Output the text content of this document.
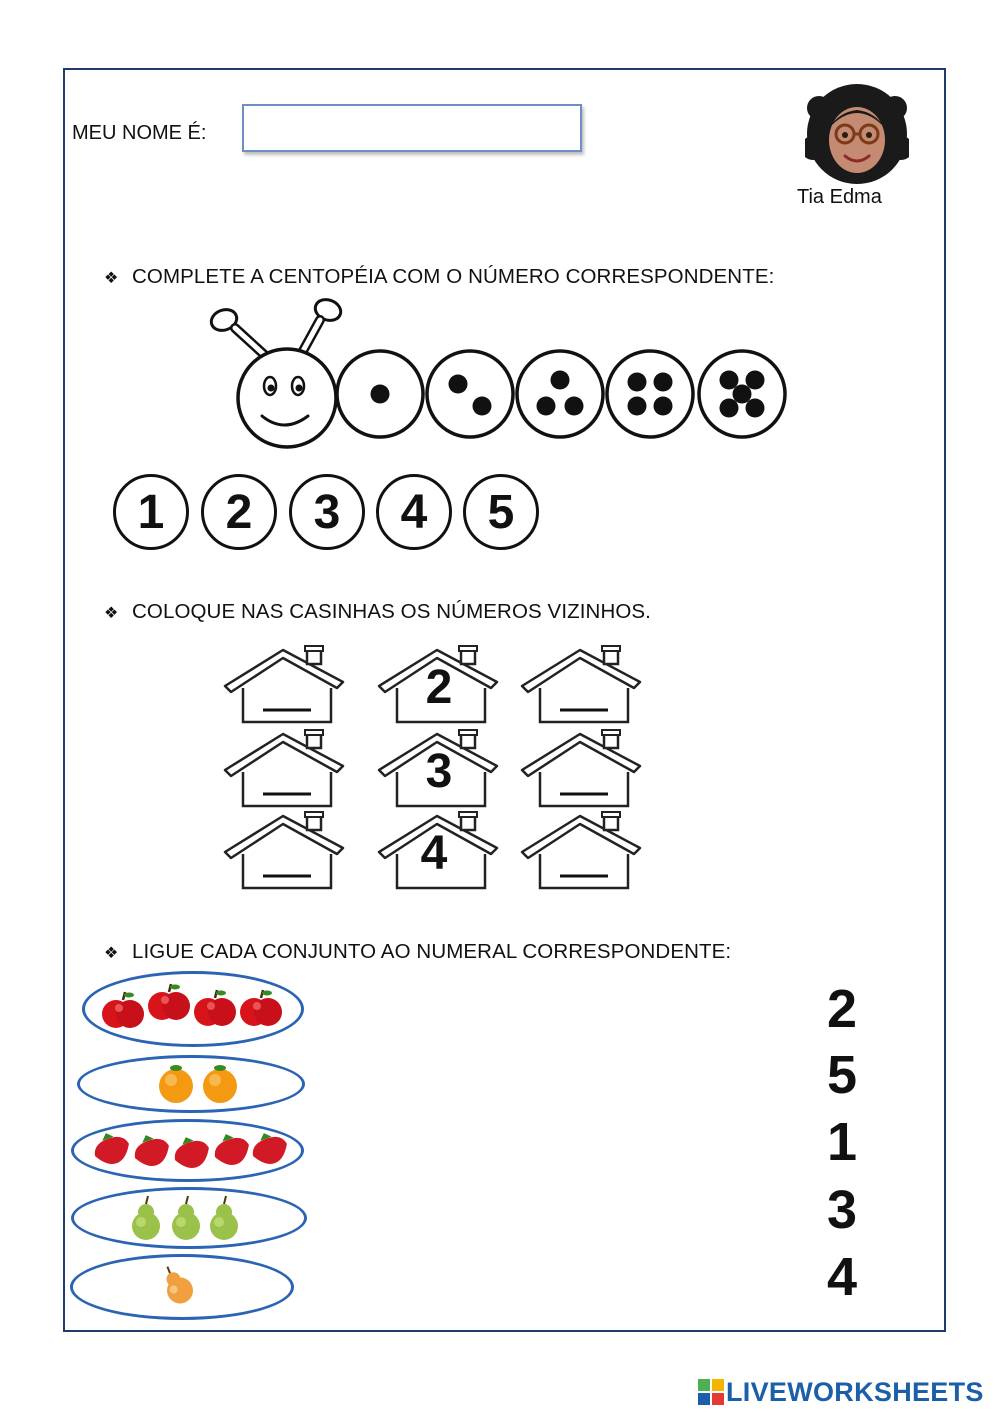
MEU NOME É:
Tia Edma
❖ COMPLETE A CENTOPÉIA COM O NÚMERO CORRESPONDENTE:
1	2	3	4	5
❖ COLOQUE NAS CASINHAS OS NÚMEROS VIZINHOS.
2
3
4
❖ LIGUE CADA CONJUNTO AO NUMERAL CORRESPONDENTE:
2
5
1
3
4
LIVEWORKSHEETS
